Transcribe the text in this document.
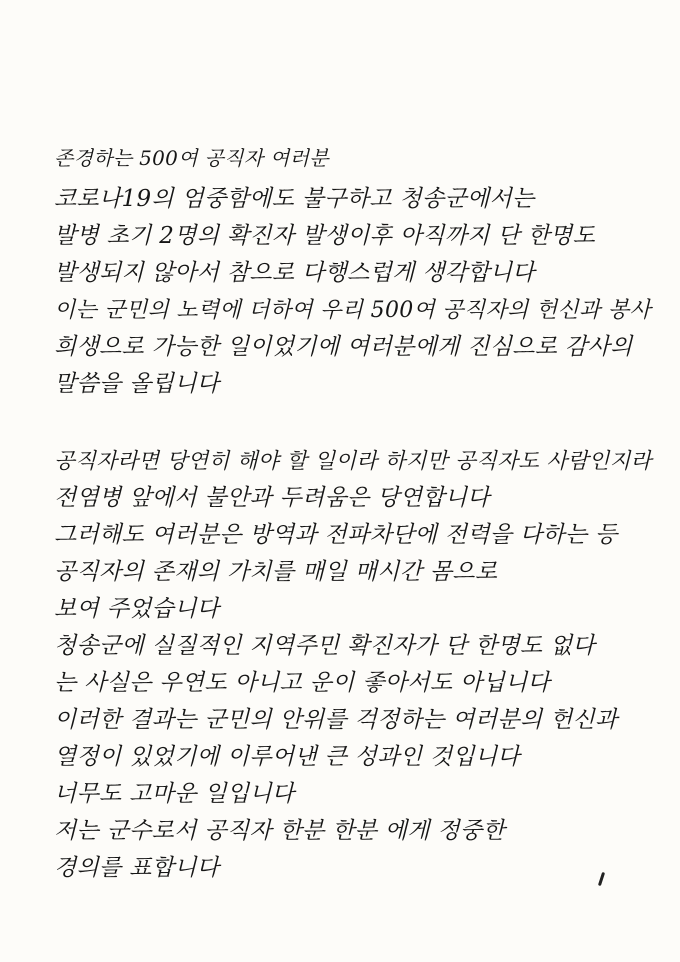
존경하는 500여 공직자 여러분
코로나19의 엄중함에도 불구하고 청송군에서는
발병 초기 2명의 확진자 발생이후 아직까지 단 한명도
발생되지 않아서 참으로 다행스럽게 생각합니다
이는 군민의 노력에 더하여 우리 500여 공직자의 헌신과 봉사
희생으로 가능한 일이었기에 여러분에게 진심으로 감사의
말씀을 올립니다
공직자라면 당연히 해야 할 일이라 하지만 공직자도 사람인지라
전염병 앞에서 불안과 두려움은 당연합니다
그러해도 여러분은 방역과 전파차단에 전력을 다하는 등
공직자의 존재의 가치를 매일 매시간 몸으로
보여 주었습니다
청송군에 실질적인 지역주민 확진자가 단 한명도 없다
는 사실은 우연도 아니고 운이 좋아서도 아닙니다
이러한 결과는 군민의 안위를 걱정하는 여러분의 헌신과
열정이 있었기에 이루어낸 큰 성과인 것입니다
너무도 고마운 일입니다
저는 군수로서 공직자 한분 한분 에게 정중한
경의를 표합니다
